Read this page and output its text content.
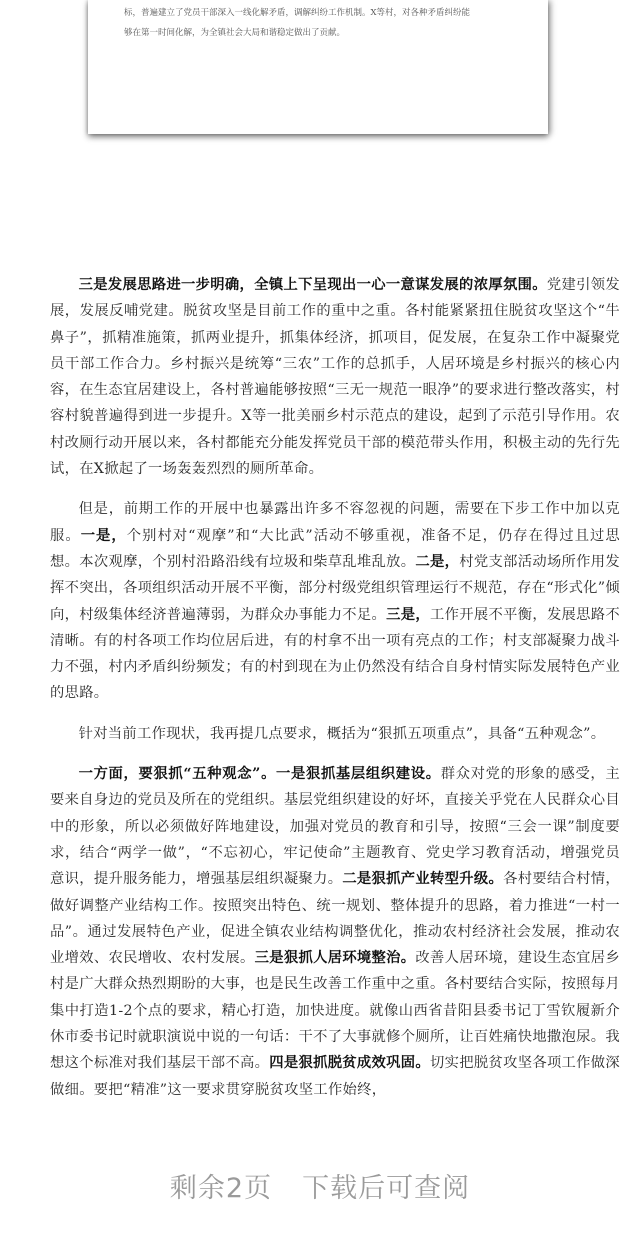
标，普遍建立了党员干部深入一线化解矛盾，调解纠纷工作机制。X等村，对各种矛盾纠纷能

够在第一时间化解，为全镇社会大局和谐稳定做出了贡献。

三是发展思路进一步明确，全镇上下呈现出一心一意谋发展的浓厚氛围。党建引领发展，发展反哺党建。脱贫攻坚是目前工作的重中之重。各村能紧紧扭住脱贫攻坚这个“牛鼻子”，抓精准施策，抓两业提升，抓集体经济，抓项目，促发展，在复杂工作中凝聚党员干部工作合力。乡村振兴是统筹“三农”工作的总抓手，人居环境是乡村振兴的核心内容，在生态宜居建设上，各村普遍能够按照“三无一规范一眼净”的要求进行整改落实，村容村貌普遍得到进一步提升。X等一批美丽乡村示范点的建设，起到了示范引导作用。农村改厕行动开展以来，各村都能充分能发挥党员干部的模范带头作用，积极主动的先行先试，在X掀起了一场轰轰烈烈的厕所革命。

但是，前期工作的开展中也暴露出许多不容忽视的问题，需要在下步工作中加以克服。一是，个别村对“观摩”和“大比武”活动不够重视，准备不足，仍存在得过且过思想。本次观摩，个别村沿路沿线有垃圾和柴草乱堆乱放。二是，村党支部活动场所作用发挥不突出，各项组织活动开展不平衡，部分村级党组织管理运行不规范，存在“形式化”倾向，村级集体经济普遍薄弱，为群众办事能力不足。三是，工作开展不平衡，发展思路不清晰。有的村各项工作均位居后进，有的村拿不出一项有亮点的工作；村支部凝聚力战斗力不强，村内矛盾纠纷频发；有的村到现在为止仍然没有结合自身村情实际发展特色产业的思路。

针对当前工作现状，我再提几点要求，概括为“狠抓五项重点”，具备“五种观念”。

一方面，要狠抓“五种观念”。一是狠抓基层组织建设。群众对党的形象的感受，主要来自身边的党员及所在的党组织。基层党组织建设的好坏，直接关乎党在人民群众心目中的形象，所以必须做好阵地建设，加强对党员的教育和引导，按照“三会一课”制度要求，结合“两学一做”，“不忘初心，牢记使命”主题教育、党史学习教育活动，增强党员意识，提升服务能力，增强基层组织凝聚力。二是狠抓产业转型升级。各村要结合村情，做好调整产业结构工作。按照突出特色、统一规划、整体提升的思路，着力推进“一村一品”。通过发展特色产业，促进全镇农业结构调整优化，推动农村经济社会发展，推动农业增效、农民增收、农村发展。三是狠抓人居环境整治。改善人居环境，建设生态宜居乡村是广大群众热烈期盼的大事，也是民生改善工作重中之重。各村要结合实际，按照每月集中打造1-2个点的要求，精心打造，加快进度。就像山西省昔阳县委书记丁雪钦履新介休市委书记时就职演说中说的一句话：干不了大事就修个厕所，让百姓痛快地撒泡尿。我想这个标准对我们基层干部不高。四是狠抓脱贫成效巩固。切实把脱贫攻坚各项工作做深做细。要把“精准”这一要求贯穿脱贫攻坚工作始终，

剩余2页 下载后可查阅
